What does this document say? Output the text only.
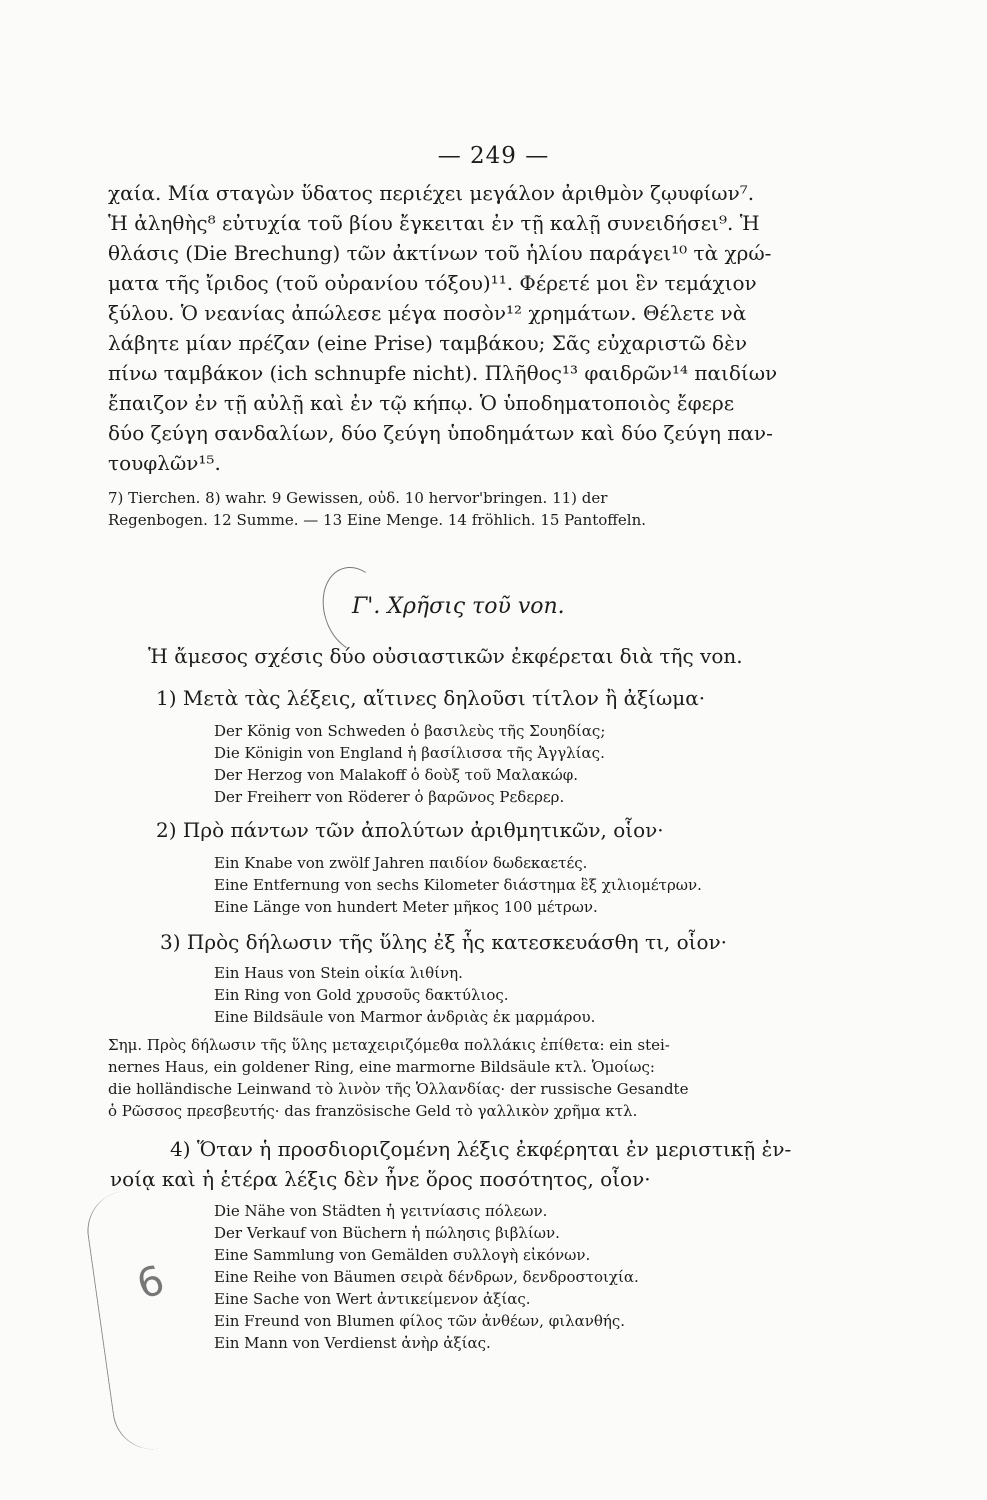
— 249 —
χαία. Μία σταγὼν ὕδατος περιέχει μεγάλον ἀριθμὸν ζῳυφίων⁷.
Ἡ ἀληθὴς⁸ εὐτυχία τοῦ βίου ἔγκειται ἐν τῇ καλῇ συνειδήσει⁹. Ἡ
θλάσις (Die Brechung) τῶν ἀκτίνων τοῦ ἡλίου παράγει¹⁰ τὰ χρώ-
ματα τῆς ἴριδος (τοῦ οὐρανίου τόξου)¹¹. Φέρετέ μοι ἓν τεμάχιον
ξύλου. Ὁ νεανίας ἀπώλεσε μέγα ποσὸν¹² χρημάτων. Θέλετε νὰ
λάβητε μίαν πρέζαν (eine Prise) ταμβάκου; Σᾶς εὐχαριστῶ δὲν
πίνω ταμβάκον (ich schnupfe nicht). Πλῆθος¹³ φαιδρῶν¹⁴ παιδίων
ἔπαιζον ἐν τῇ αὐλῇ καὶ ἐν τῷ κήπῳ. Ὁ ὑποδηματοποιὸς ἔφερε
δύο ζεύγη σανδαλίων, δύο ζεύγη ὑποδημάτων καὶ δύο ζεύγη παν-
τουφλῶν¹⁵.
7) Tierchen. 8) wahr. 9 Gewissen, οὐδ. 10 hervor'bringen. 11) der
Regenbogen. 12 Summe. — 13 Eine Menge. 14 fröhlich. 15 Pantoffeln.
Γ'. Χρῆσις τοῦ von.
Ἡ ἄμεσος σχέσις δύο οὐσιαστικῶν ἐκφέρεται διὰ τῆς von.
1) Μετὰ τὰς λέξεις, αἵτινες δηλοῦσι τίτλον ἢ ἀξίωμα·
Der König von Schweden ὁ βασιλεὺς τῆς Σουηδίας;
Die Königin von England ἡ βασίλισσα τῆς Ἀγγλίας.
Der Herzog von Malakoff ὁ δοὺξ τοῦ Μαλακώφ.
Der Freiherr von Röderer ὁ βαρῶνος Ρεδερερ.
2) Πρὸ πάντων τῶν ἀπολύτων ἀριθμητικῶν, οἷον·
Ein Knabe von zwölf Jahren παιδίον δωδεκαετές.
Eine Entfernung von sechs Kilometer διάστημα ἓξ χιλιομέτρων.
Eine Länge von hundert Meter μῆκος 100 μέτρων.
3) Πρὸς δήλωσιν τῆς ὕλης ἐξ ἧς κατεσκευάσθη τι, οἷον·
Ein Haus von Stein οἰκία λιθίνη.
Ein Ring von Gold χρυσοῦς δακτύλιος.
Eine Bildsäule von Marmor ἀνδριὰς ἐκ μαρμάρου.
Σημ. Πρὸς δήλωσιν τῆς ὕλης μεταχειριζόμεθα πολλάκις ἐπίθετα: ein stei-
nernes Haus, ein goldener Ring, eine marmorne Bildsäule κτλ. Ὁμοίως:
die holländische Leinwand τὸ λινὸν τῆς Ὁλλανδίας· der russische Gesandte
ὁ Ρῶσσος πρεσβευτής· das französische Geld τὸ γαλλικὸν χρῆμα κτλ.
4) Ὅταν ἡ προσδιοριζομένη λέξις ἐκφέρηται ἐν μεριστικῇ ἐν-
νοίᾳ καὶ ἡ ἑτέρα λέξις δὲν ἦνε ὅρος ποσότητος, οἷον·
Die Nähe von Städten ἡ γειτνίασις πόλεων.
Der Verkauf von Büchern ἡ πώλησις βιβλίων.
Eine Sammlung von Gemälden συλλογὴ εἰκόνων.
Eine Reihe von Bäumen σειρὰ δένδρων, δενδροστοιχία.
Eine Sache von Wert ἀντικείμενον ἀξίας.
Ein Freund von Blumen φίλος τῶν ἀνθέων, φιλανθής.
Ein Mann von Verdienst ἀνὴρ ἀξίας.
6
